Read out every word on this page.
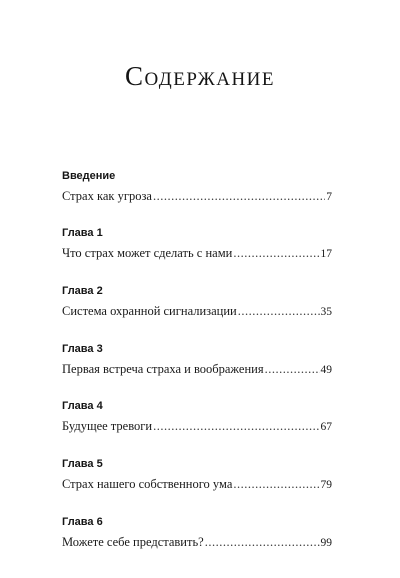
Содержание
Введение
Страх как угроза .....	7
Глава 1
Что страх может сделать с нами .....	17
Глава 2
Система охранной сигнализации .....	35
Глава 3
Первая встреча страха и воображения .....	49
Глава 4
Будущее тревоги .....	67
Глава 5
Страх нашего собственного ума .....	79
Глава 6
Можете себе представить? .....	99
